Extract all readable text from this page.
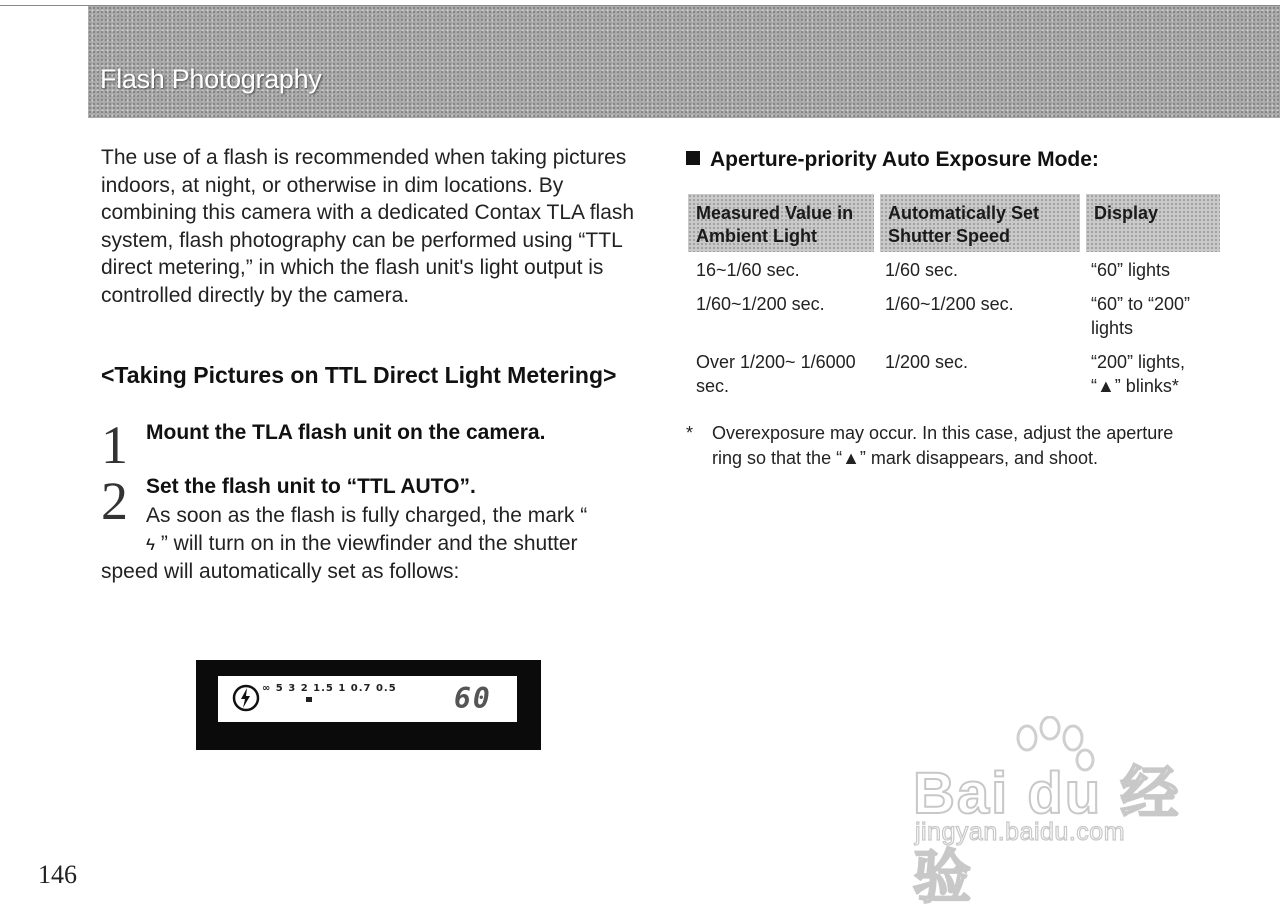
Flash Photography

The use of a flash is recommended when taking pictures indoors, at night, or otherwise in dim locations. By combining this camera with a dedicated Contax TLA flash system, flash photography can be performed using “TTL direct metering,” in which the flash unit's light output is controlled directly by the camera.

<Taking Pictures on TTL Direct Light Metering>
1 Mount the TLA flash unit on the camera.

2 Set the flash unit to “TTL AUTO”.

As soon as the flash is fully charged, the mark “ ϟ ” will turn on in the viewfinder and the shutter speed will automatically set as follows:

∞ 5 3 2 1.5 1 0.7 0.5 60

Aperture-priority Auto Exposure Mode:
Measured Value in Ambient Light	Automatically Set Shutter Speed	Display
16~1/60 sec.	1/60 sec.	“60” lights
1/60~1/200 sec.	1/60~1/200 sec.	“60” to “200” lights
Over 1/200~ 1/6000 sec.	1/200 sec.	“200” lights, “▲” blinks*

* Overexposure may occur. In this case, adjust the aperture ring so that the “▲” mark disappears, and shoot.

Bai du 经验

jingyan.baidu.com

146
